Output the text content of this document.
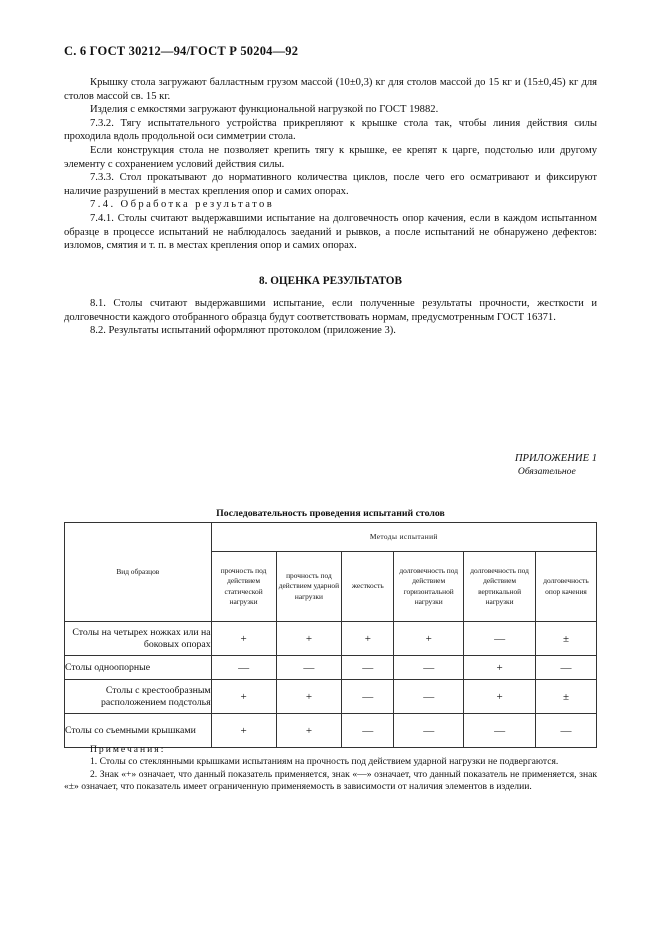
С. 6 ГОСТ 30212—94/ГОСТ Р 50204—92

Крышку стола загружают балластным грузом массой (10±0,3) кг для столов массой до 15 кг и (15±0,45) кг для столов массой св. 15 кг.

Изделия с емкостями загружают функциональной нагрузкой по ГОСТ 19882.

7.3.2. Тягу испытательного устройства прикрепляют к крышке стола так, чтобы линия действия силы проходила вдоль продольной оси симметрии стола.

Если конструкция стола не позволяет крепить тягу к крышке, ее крепят к царге, подстолью или другому элементу с сохранением условий действия силы.

7.3.3. Стол прокатывают до нормативного количества циклов, после чего его осматривают и фиксируют наличие разрушений в местах крепления опор и самих опорах.

7.4. Обработка результатов

7.4.1. Столы считают выдержавшими испытание на долговечность опор качения, если в каждом испытанном образце в процессе испытаний не наблюдалось заеданий и рывков, а после испытаний не обнаружено дефектов: изломов, смятия и т. п. в местах крепления опор и самих опорах.

8. ОЦЕНКА РЕЗУЛЬТАТОВ

8.1. Столы считают выдержавшими испытание, если полученные результаты прочности, жесткости и долговечности каждого отобранного образца будут соответствовать нормам, предусмотренным ГОСТ 16371.

8.2. Результаты испытаний оформляют протоколом (приложение 3).

ПРИЛОЖЕНИЕ 1
Обязательное
Последовательность проведения испытаний столов
Вид образцов	Методы испытаний					
	прочность под действием статической нагрузки	прочность под действием ударной нагрузки	жесткость	долговечность под действием горизонтальной нагрузки	долговечность под действием вертикальной нагрузки	долговечность опор качения
Столы на четырех ножках или на боковых опорах	+	+	+	+	—	±
Столы одноопорные	—	—	—	—	+	—
Столы с крестообразным расположением подстолья	+	+	—	—	+	±
Столы со съемными крышками	+	+	—	—	—	—

Примечания:

1. Столы со стеклянными крышками испытаниям на прочность под действием ударной нагрузки не подвергаются.

2. Знак «+» означает, что данный показатель применяется, знак «—» означает, что данный показатель не применяется, знак «±» означает, что показатель имеет ограниченную применяемость в зависимости от наличия элементов в изделии.
